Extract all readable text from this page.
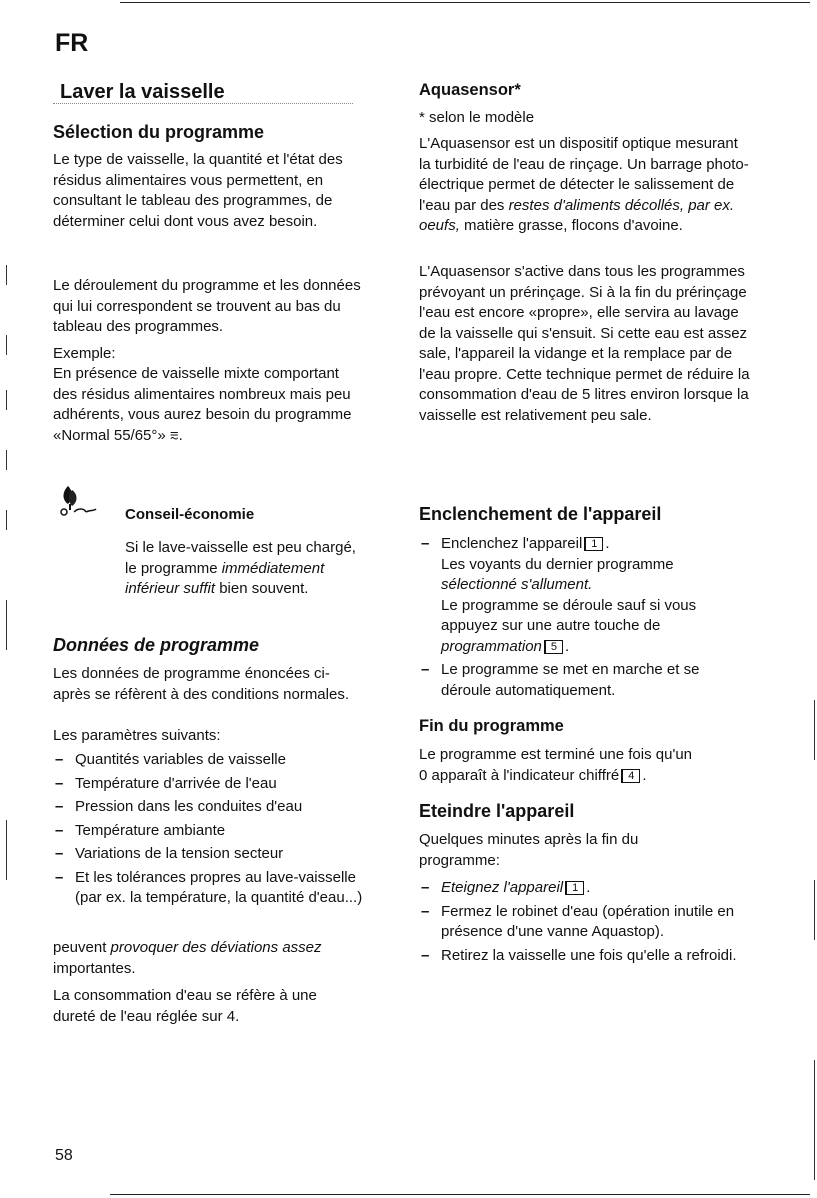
FR
Laver la vaisselle
Sélection du programme

Le type de vaisselle, la quantité et l'état des résidus alimentaires vous permettent, en consultant le tableau des programmes, de déterminer celui dont vous avez besoin.

Le déroulement du programme et les données qui lui correspondent se trouvent au bas du tableau des programmes.

Exemple:

En présence de vaisselle mixte comportant des résidus alimentaires nombreux mais peu adhérents, vous aurez besoin du programme «Normal 55/65°» ⩳.

Conseil-économie

Si le lave-vaisselle est peu chargé, le programme immédiatement inférieur suffit bien souvent.

Données de programme

Les données de programme énoncées ci-après se réfèrent à des conditions normales.

Les paramètres suivants:

– Quantités variables de vaisselle
– Température d'arrivée de l'eau
– Pression dans les conduites d'eau
– Température ambiante
– Variations de la tension secteur
– Et les tolérances propres au lave-vaisselle (par ex. la température, la quantité d'eau...)

peuvent provoquer des déviations assez importantes.

La consommation d'eau se réfère à une dureté de l'eau réglée sur 4.

Aquasensor*

* selon le modèle

L'Aquasensor est un dispositif optique mesurant la turbidité de l'eau de rinçage. Un barrage photo-électrique permet de détecter le salissement de l'eau par des restes d'aliments décollés, par ex. oeufs, matière grasse, flocons d'avoine.

L'Aquasensor s'active dans tous les programmes prévoyant un prérinçage. Si à la fin du prérinçage l'eau est encore «propre», elle servira au lavage de la vaisselle qui s'ensuit. Si cette eau est assez sale, l'appareil la vidange et la remplace par de l'eau propre. Cette technique permet de réduire la consommation d'eau de 5 litres environ lorsque la vaisselle est relativement peu sale.

Enclenchement de l'appareil
– Enclenchez l'appareil 1 .
Les voyants du dernier programme
sélectionné s'allument.
Le programme se déroule sauf si vous appuyez sur une autre touche de
programmation 5 .
– Le programme se met en marche et se déroule automatiquement.
Fin du programme

Le programme est terminé une fois qu'un

0 apparaît à l'indicateur chiffré 4 .

Eteindre l'appareil

Quelques minutes après la fin du programme:

– Eteignez l'appareil 1 .
– Fermez le robinet d'eau (opération inutile en présence d'une vanne Aquastop).
– Retirez la vaisselle une fois qu'elle a refroidi.
58
